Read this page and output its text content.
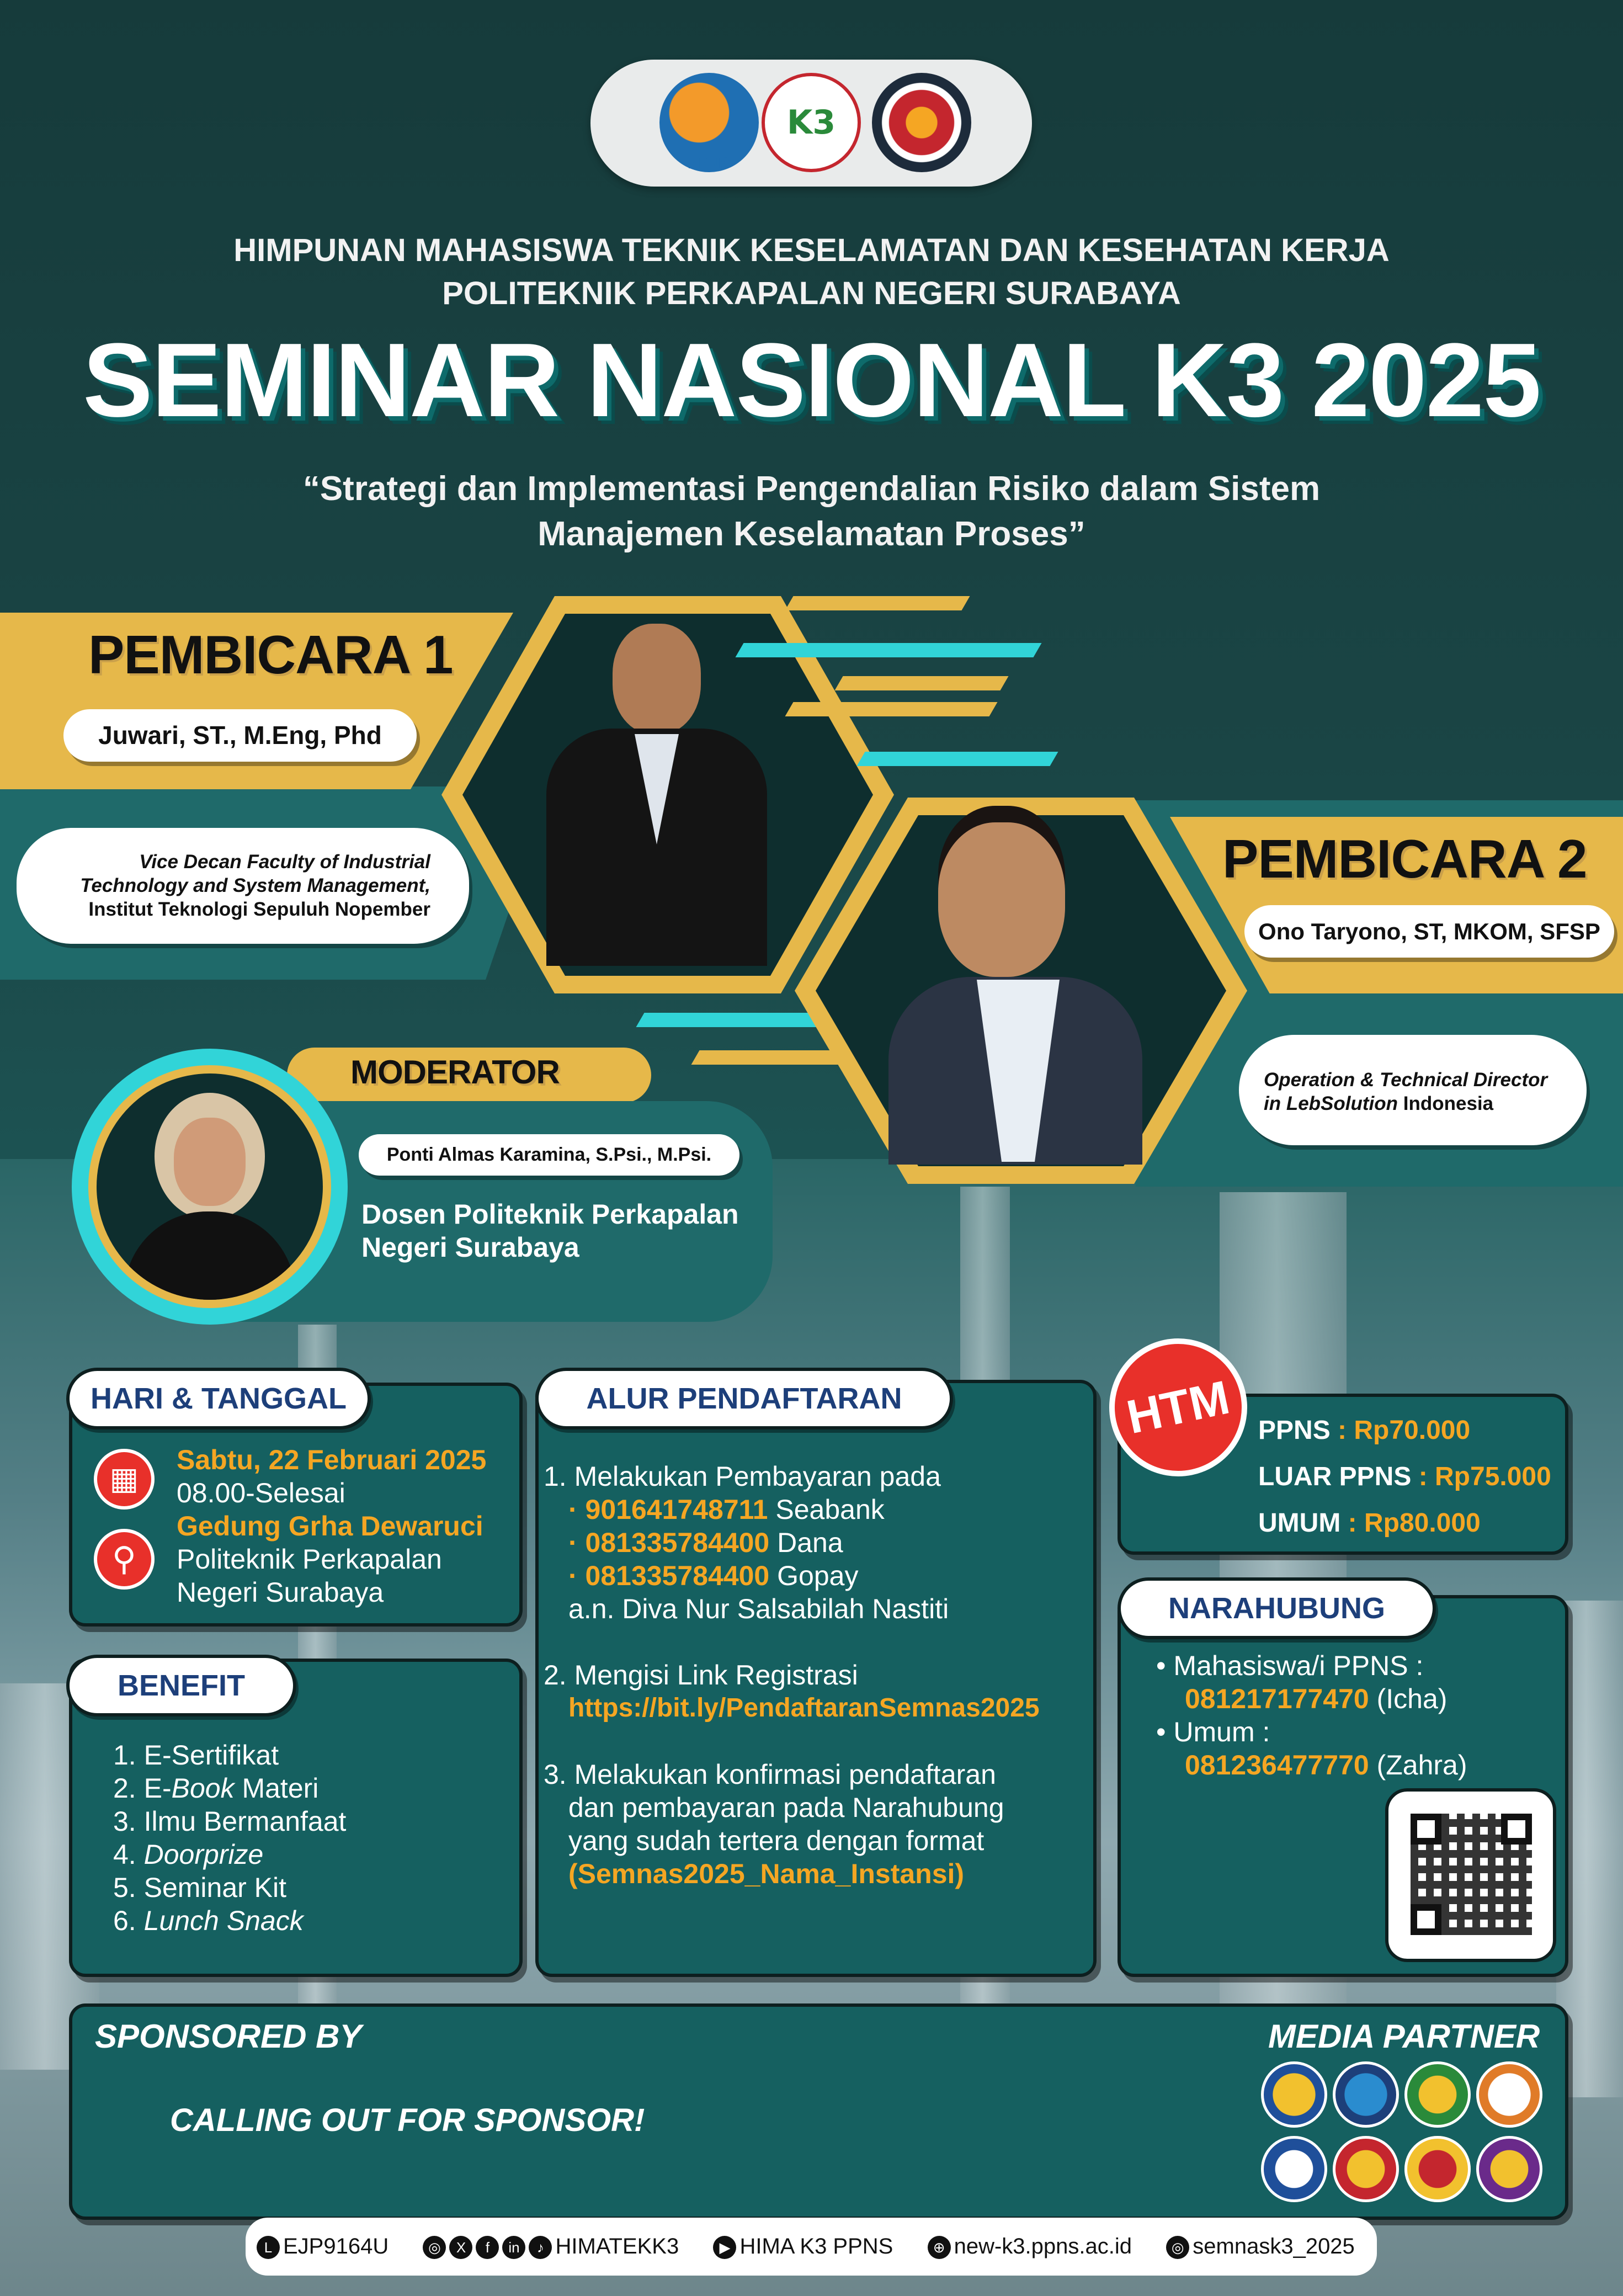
PPNS
K3
HIMPUNAN MAHASISWA TEKNIK KESELAMATAN DAN KESEHATAN KERJA
POLITEKNIK PERKAPALAN NEGERI SURABAYA
SEMINAR NASIONAL K3 2025
“Strategi dan Implementasi Pengendalian Risiko dalam Sistem
Manajemen Keselamatan Proses”
PEMBICARA 1
Juwari, ST., M.Eng, Phd
Vice Decan Faculty of Industrial
Technology and System Management,
Institut Teknologi Sepuluh Nopember
PEMBICARA 2
Ono Taryono, ST, MKOM, SFSP
Operation & Technical Director
in LebSolution Indonesia
MODERATOR
Ponti Almas Karamina, S.Psi., M.Psi.
Dosen Politeknik Perkapalan
Negeri Surabaya
HARI & TANGGAL
▦
⚲
Sabtu, 22 Februari 2025
08.00-Selesai
Gedung Grha Dewaruci
Politeknik Perkapalan
Negeri Surabaya
BENEFIT
1. E-Sertifikat
2. E-Book Materi
3. Ilmu Bermanfaat
4. Doorprize
5. Seminar Kit
6. Lunch Snack
ALUR PENDAFTARAN
1. Melakukan Pembayaran pada
· 901641748711 Seabank
· 081335784400 Dana
· 081335784400 Gopay
a.n. Diva Nur Salsabilah Nastiti
2. Mengisi Link Registrasi
https://bit.ly/PendaftaranSemnas2025
3. Melakukan konfirmasi pendaftaran
dan pembayaran pada Narahubung
yang sudah tertera dengan format
(Semnas2025_Nama_Instansi)
HTM PPNS : Rp70.000
LUAR PPNS : Rp75.000
UMUM : Rp80.000
NARAHUBUNG
• Mahasiswa/i PPNS :
081217177470 (Icha)
• Umum :
081236477770 (Zahra)
SPONSORED BY
CALLING OUT FOR SPONSOR!
MEDIA PARTNER
L EJP9164U	◎ X f in ♪ HIMATEKK3	▶ HIMA K3 PPNS	⊕ new-k3.ppns.ac.id	◎ semnask3_2025
